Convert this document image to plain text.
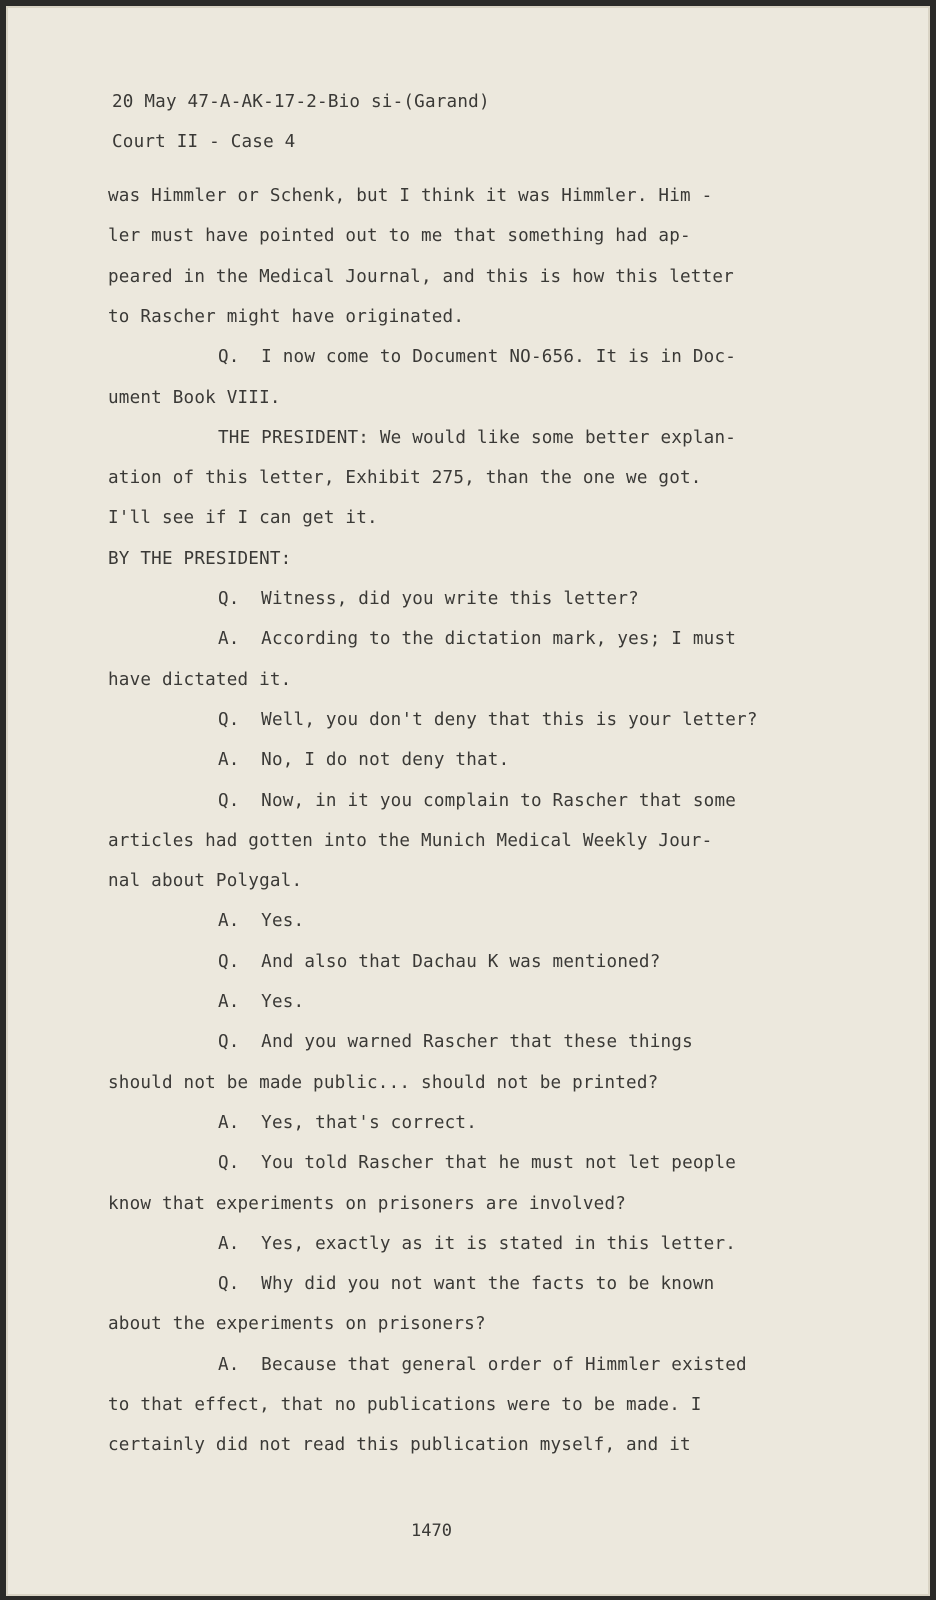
20 May 47-A-AK-17-2-Bio si-(Garand)
Court II - Case 4
was Himmler or Schenk, but I think it was Himmler. Him -
ler must have pointed out to me that something had ap-
peared in the Medical Journal, and this is how this letter
to Rascher might have originated.
Q.  I now come to Document NO-656. It is in Doc-
ument Book VIII.
THE PRESIDENT: We would like some better explan-
ation of this letter, Exhibit 275, than the one we got.
I'll see if I can get it.
BY THE PRESIDENT:
Q.  Witness, did you write this letter?
A.  According to the dictation mark, yes; I must
have dictated it.
Q.  Well, you don't deny that this is your letter?
A.  No, I do not deny that.
Q.  Now, in it you complain to Rascher that some
articles had gotten into the Munich Medical Weekly Jour-
nal about Polygal.
A.  Yes.
Q.  And also that Dachau K was mentioned?
A.  Yes.
Q.  And you warned Rascher that these things
should not be made public... should not be printed?
A.  Yes, that's correct.
Q.  You told Rascher that he must not let people
know that experiments on prisoners are involved?
A.  Yes, exactly as it is stated in this letter.
Q.  Why did you not want the facts to be known
about the experiments on prisoners?
A.  Because that general order of Himmler existed
to that effect, that no publications were to be made. I
certainly did not read this publication myself, and it
1470
